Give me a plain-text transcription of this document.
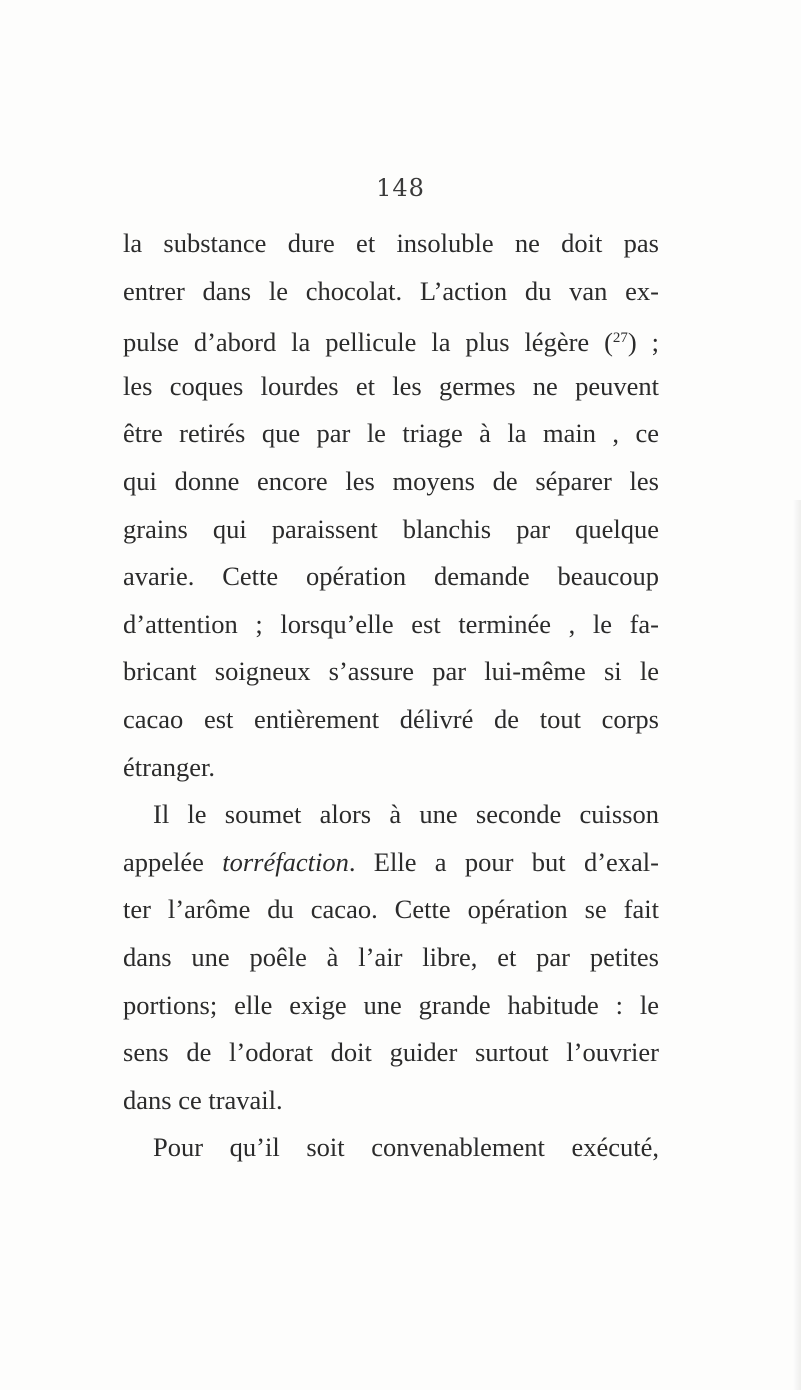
148
la substance dure et insoluble ne doit pas
entrer dans le chocolat. L’action du van ex-
pulse d’abord la pellicule la plus légère ($^{27}$) ;
les coques lourdes et les germes ne peuvent
être retirés que par le triage à la main , ce
qui donne encore les moyens de séparer les
grains qui paraissent blanchis par quelque
avarie. Cette opération demande beaucoup
d’attention ; lorsqu’elle est terminée , le fa-
bricant soigneux s’assure par lui-même si le
cacao est entièrement délivré de tout corps
étranger.
Il le soumet alors à une seconde cuisson
appelée torréfaction. Elle a pour but d’exal-
ter l’arôme du cacao. Cette opération se fait
dans une poêle à l’air libre, et par petites
portions; elle exige une grande habitude : le
sens de l’odorat doit guider surtout l’ouvrier
dans ce travail.
Pour qu’il soit convenablement exécuté,
